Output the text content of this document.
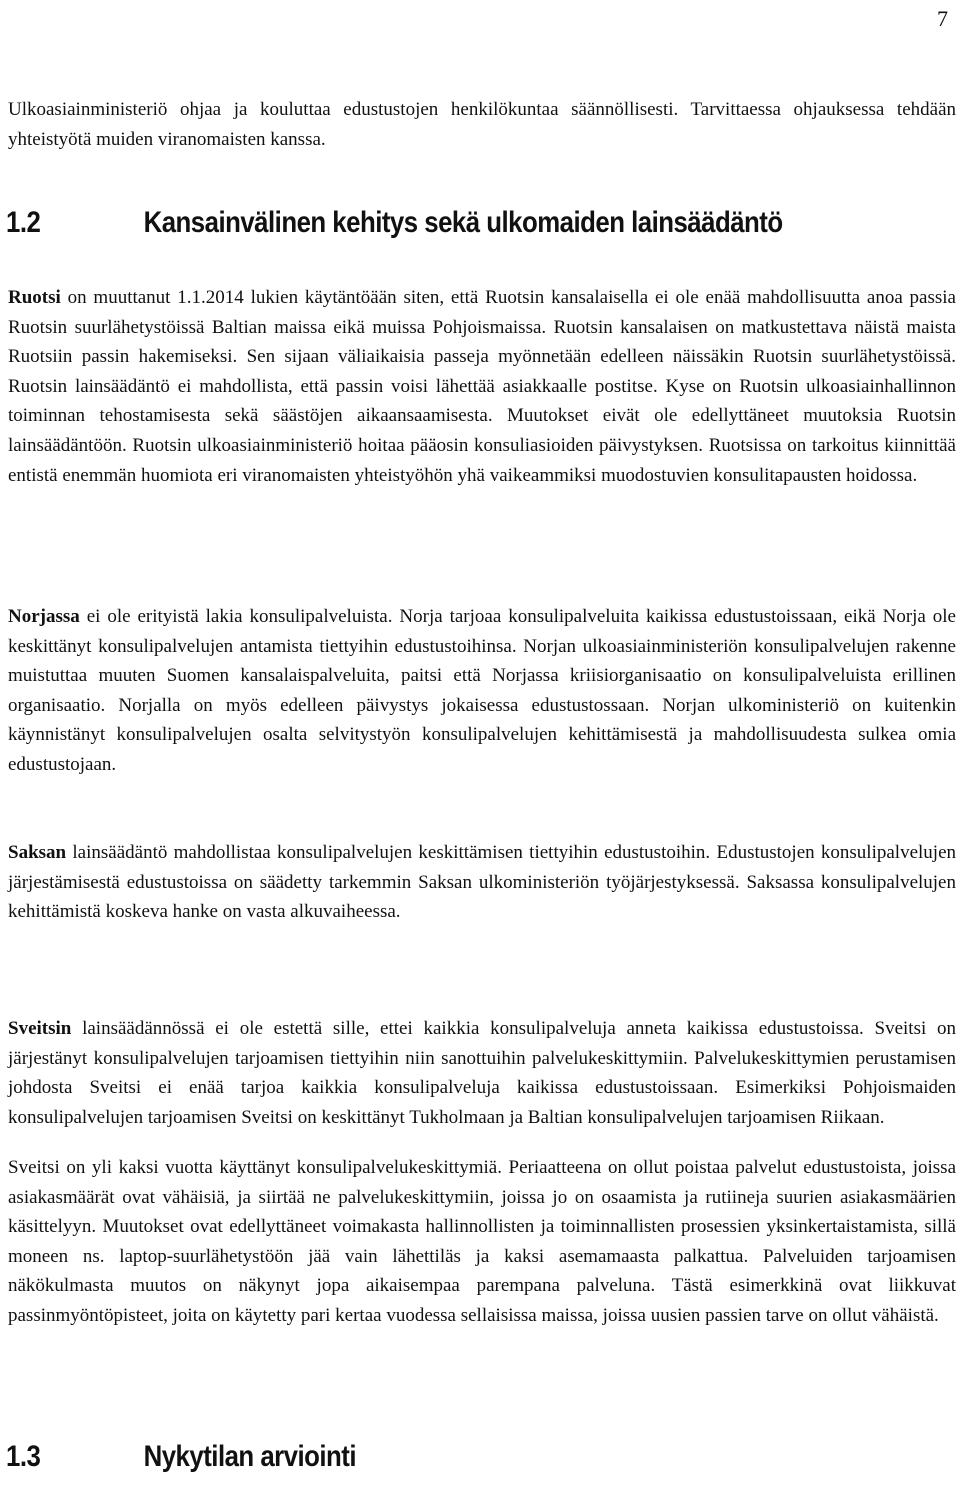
7

Ulkoasiainministeriö ohjaa ja kouluttaa edustustojen henkilökuntaa säännöllisesti. Tarvittaessa ohjauksessa tehdään yhteistyötä muiden viranomaisten kanssa.

1.2	Kansainvälinen kehitys sekä ulkomaiden lainsäädäntö

Ruotsi on muuttanut 1.1.2014 lukien käytäntöään siten, että Ruotsin kansalaisella ei ole enää mahdollisuutta anoa passia Ruotsin suurlähetystöissä Baltian maissa eikä muissa Pohjoismaissa. Ruotsin kansalaisen on matkustettava näistä maista Ruotsiin passin hakemiseksi. Sen sijaan väliaikaisia passeja myönnetään edelleen näissäkin Ruotsin suurlähetystöissä. Ruotsin lainsäädäntö ei mahdollista, että passin voisi lähettää asiakkaalle postitse. Kyse on Ruotsin ulkoasiainhallinnon toiminnan tehostamisesta sekä säästöjen aikaansaamisesta. Muutokset eivät ole edellyttäneet muutoksia Ruotsin lainsäädäntöön. Ruotsin ulkoasiainministeriö hoitaa pääosin konsuliasioiden päivystyksen. Ruotsissa on tarkoitus kiinnittää entistä enemmän huomiota eri viranomaisten yhteistyöhön yhä vaikeammiksi muodostuvien konsulitapausten hoidossa.

Norjassa ei ole erityistä lakia konsulipalveluista. Norja tarjoaa konsulipalveluita kaikissa edustustoissaan, eikä Norja ole keskittänyt konsulipalvelujen antamista tiettyihin edustustoihinsa. Norjan ulkoasiainministeriön konsulipalvelujen rakenne muistuttaa muuten Suomen kansalaispalveluita, paitsi että Norjassa kriisiorganisaatio on konsulipalveluista erillinen organisaatio. Norjalla on myös edelleen päivystys jokaisessa edustustossaan. Norjan ulkoministeriö on kuitenkin käynnistänyt konsulipalvelujen osalta selvitystyön konsulipalvelujen kehittämisestä ja mahdollisuudesta sulkea omia edustustojaan.

Saksan lainsäädäntö mahdollistaa konsulipalvelujen keskittämisen tiettyihin edustustoihin. Edustustojen konsulipalvelujen järjestämisestä edustustoissa on säädetty tarkemmin Saksan ulkoministeriön työjärjestyksessä. Saksassa konsulipalvelujen kehittämistä koskeva hanke on vasta alkuvaiheessa.

Sveitsin lainsäädännössä ei ole estettä sille, ettei kaikkia konsulipalveluja anneta kaikissa edustustoissa. Sveitsi on järjestänyt konsulipalvelujen tarjoamisen tiettyihin niin sanottuihin palvelukeskittymiin. Palvelukeskittymien perustamisen johdosta Sveitsi ei enää tarjoa kaikkia konsulipalveluja kaikissa edustustoissaan. Esimerkiksi Pohjoismaiden konsulipalvelujen tarjoamisen Sveitsi on keskittänyt Tukholmaan ja Baltian konsulipalvelujen tarjoamisen Riikaan.

Sveitsi on yli kaksi vuotta käyttänyt konsulipalvelukeskittymiä. Periaatteena on ollut poistaa palvelut edustustoista, joissa asiakasmäärät ovat vähäisiä, ja siirtää ne palvelukeskittymiin, joissa jo on osaamista ja rutiineja suurien asiakasmäärien käsittelyyn. Muutokset ovat edellyttäneet voimakasta hallinnollisten ja toiminnallisten prosessien yksinkertaistamista, sillä moneen ns. laptop-suurlähetystöön jää vain lähettiläs ja kaksi asemamaasta palkattua. Palveluiden tarjoamisen näkökulmasta muutos on näkynyt jopa aikaisempaa parempana palveluna. Tästä esimerkkinä ovat liikkuvat passinmyöntöpisteet, joita on käytetty pari kertaa vuodessa sellaisissa maissa, joissa uusien passien tarve on ollut vähäistä.

1.3	Nykytilan arviointi
